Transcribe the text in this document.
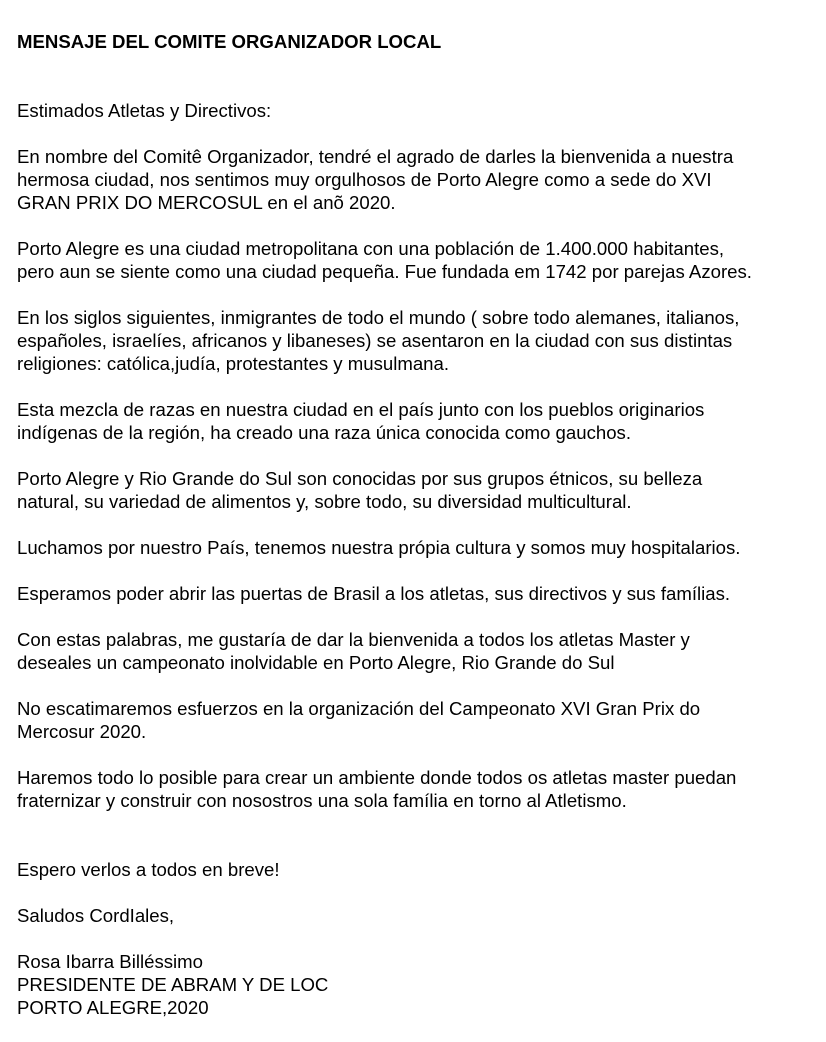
MENSAJE DEL COMITE ORGANIZADOR LOCAL
Estimados Atletas y Directivos:
En nombre del Comitê Organizador, tendré el agrado de darles la bienvenida a nuestra
hermosa ciudad, nos sentimos muy orgulhosos de Porto Alegre como a sede do XVI
GRAN PRIX DO MERCOSUL en el anõ 2020.
Porto Alegre es una ciudad metropolitana con una población de 1.400.000 habitantes,
pero aun se siente como una ciudad pequeña. Fue fundada em 1742 por parejas Azores.
En los siglos siguientes, inmigrantes de todo el mundo ( sobre todo alemanes, italianos,
españoles, israelíes, africanos y libaneses) se asentaron en la ciudad con sus distintas
religiones: católica,judía, protestantes y musulmana.
Esta mezcla de razas en nuestra ciudad en el país junto con los pueblos originarios
indígenas de la región, ha creado una raza única conocida como gauchos.
Porto Alegre y Rio Grande do Sul son conocidas por sus grupos étnicos, su belleza
natural, su variedad de alimentos y, sobre todo, su diversidad multicultural.
Luchamos por nuestro País, tenemos nuestra própia cultura y somos muy hospitalarios.
Esperamos poder abrir las puertas de Brasil a los atletas, sus directivos y sus famílias.
Con estas palabras, me gustaría de dar la bienvenida a todos los atletas Master y
deseales un campeonato inolvidable en Porto Alegre, Rio Grande do Sul
No escatimaremos esfuerzos en la organización del Campeonato XVI Gran Prix do
Mercosur 2020.
Haremos todo lo posible para crear un ambiente donde todos os atletas master puedan
fraternizar y construir con nosostros una sola família en torno al Atletismo.
Espero verlos a todos en breve!
Saludos CordIales,
Rosa Ibarra Billéssimo
PRESIDENTE DE ABRAM Y DE LOC
PORTO ALEGRE,2020
